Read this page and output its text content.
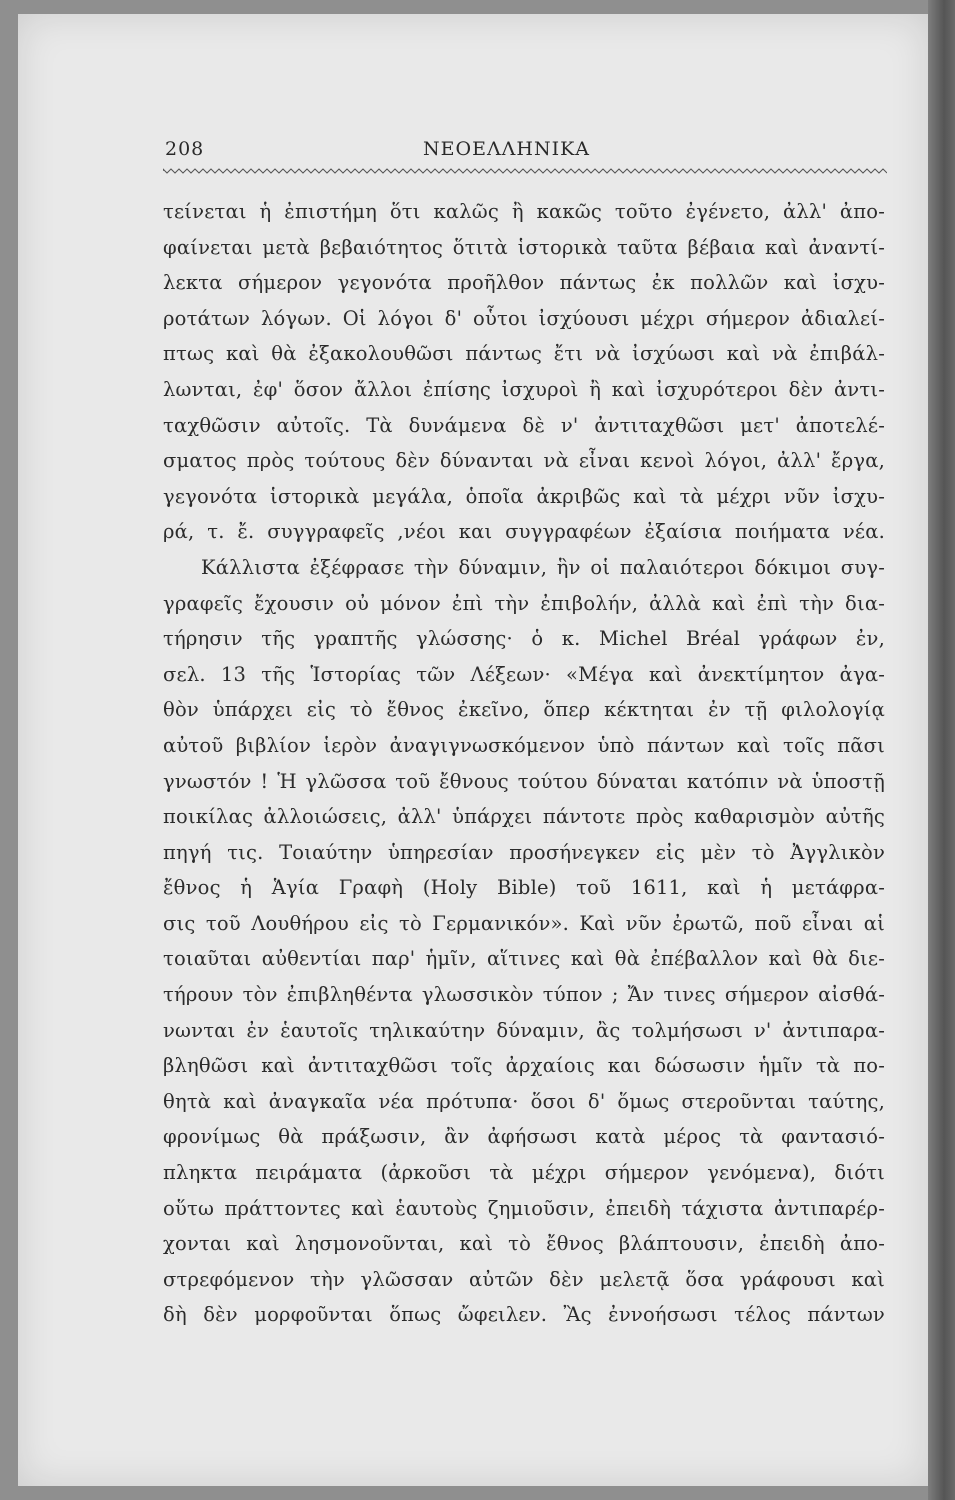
208	ΝΕΟΕΛΛΗΝΙΚΑ
τείνεται ἡ ἐπιστήμη ὅτι καλῶς ἢ κακῶς τοῦτο ἐγένετο, ἀλλ' ἀπο-
φαίνεται μετὰ βεβαιότητος ὅτιτὰ ἱστορικὰ ταῦτα βέβαια καὶ ἀναντί-
λεκτα σήμερον γεγονότα προῆλθον πάντως ἐκ πολλῶν καὶ ἰσχυ-
ροτάτων λόγων. Οἱ λόγοι δ' οὗτοι ἰσχύουσι μέχρι σήμερον ἀδιαλεί-
πτως καὶ θὰ ἐξακολουθῶσι πάντως ἔτι νὰ ἰσχύωσι καὶ νὰ ἐπιβάλ-
λωνται, ἐφ' ὅσον ἄλλοι ἐπίσης ἰσχυροὶ ἢ καὶ ἰσχυρότεροι δὲν ἀντι-
ταχθῶσιν αὐτοῖς. Τὰ δυνάμενα δὲ ν' ἀντιταχθῶσι μετ' ἀποτελέ-
σματος πρὸς τούτους δὲν δύνανται νὰ εἶναι κενοὶ λόγοι, ἀλλ' ἔργα,
γεγονότα ἱστορικὰ μεγάλα, ὁποῖα ἀκριβῶς καὶ τὰ μέχρι νῦν ἰσχυ-
ρά, τ. ἔ. συγγραφεῖς ,νέοι και συγγραφέων ἐξαίσια ποιήματα νέα.
Κάλλιστα ἐξέφρασε τὴν δύναμιν, ἣν οἱ παλαιότεροι δόκιμοι συγ-
γραφεῖς ἔχουσιν οὐ μόνον ἐπὶ τὴν ἐπιβολήν, ἀλλὰ καὶ ἐπὶ τὴν δια-
τήρησιν τῆς γραπτῆς γλώσσης· ὁ κ. Michel Bréal γράφων ἐν,
σελ. 13 τῆς Ἱστορίας τῶν Λέξεων· «Μέγα καὶ ἀνεκτίμητον ἀγα-
θὸν ὑπάρχει εἰς τὸ ἔθνος ἐκεῖνο, ὅπερ κέκτηται ἐν τῇ φιλολογίᾳ
αὐτοῦ βιβλίον ἱερὸν ἀναγιγνωσκόμενον ὑπὸ πάντων καὶ τοῖς πᾶσι
γνωστόν ! Ἡ γλῶσσα τοῦ ἔθνους τούτου δύναται κατόπιν νὰ ὑποστῇ
ποικίλας ἀλλοιώσεις, ἀλλ' ὑπάρχει πάντοτε πρὸς καθαρισμὸν αὐτῆς
πηγή τις. Τοιαύτην ὑπηρεσίαν προσήνεγκεν εἰς μὲν τὸ Ἀγγλικὸν
ἔθνος ἡ Ἁγία Γραφὴ (Holy Bible) τοῦ 1611, καὶ ἡ μετάφρα-
σις τοῦ Λουθήρου εἰς τὸ Γερμανικόν». Καὶ νῦν ἐρωτῶ, ποῦ εἶναι αἱ
τοιαῦται αὐθεντίαι παρ' ἡμῖν, αἵτινες καὶ θὰ ἐπέβαλλον καὶ θὰ διε-
τήρουν τὸν ἐπιβληθέντα γλωσσικὸν τύπον ; Ἄν τινες σήμερον αἰσθά-
νωνται ἐν ἑαυτοῖς τηλικαύτην δύναμιν, ἂς τολμήσωσι ν' ἀντιπαρα-
βληθῶσι καὶ ἀντιταχθῶσι τοῖς ἀρχαίοις και δώσωσιν ἡμῖν τὰ πο-
θητὰ καὶ ἀναγκαῖα νέα πρότυπα· ὅσοι δ' ὅμως στεροῦνται ταύτης,
φρονίμως θὰ πράξωσιν, ἂν ἀφήσωσι κατὰ μέρος τὰ φαντασιό-
πληκτα πειράματα (ἀρκοῦσι τὰ μέχρι σήμερον γενόμενα), διότι
οὕτω πράττοντες καὶ ἑαυτοὺς ζημιοῦσιν, ἐπειδὴ τάχιστα ἀντιπαρέρ-
χονται καὶ λησμονοῦνται, καὶ τὸ ἔθνος βλάπτουσιν, ἐπειδὴ ἀπο-
στρεφόμενον τὴν γλῶσσαν αὐτῶν δὲν μελετᾷ ὅσα γράφουσι καὶ
δὴ δὲν μορφοῦνται ὅπως ὤφειλεν. Ἂς ἐννοήσωσι τέλος πάντων
